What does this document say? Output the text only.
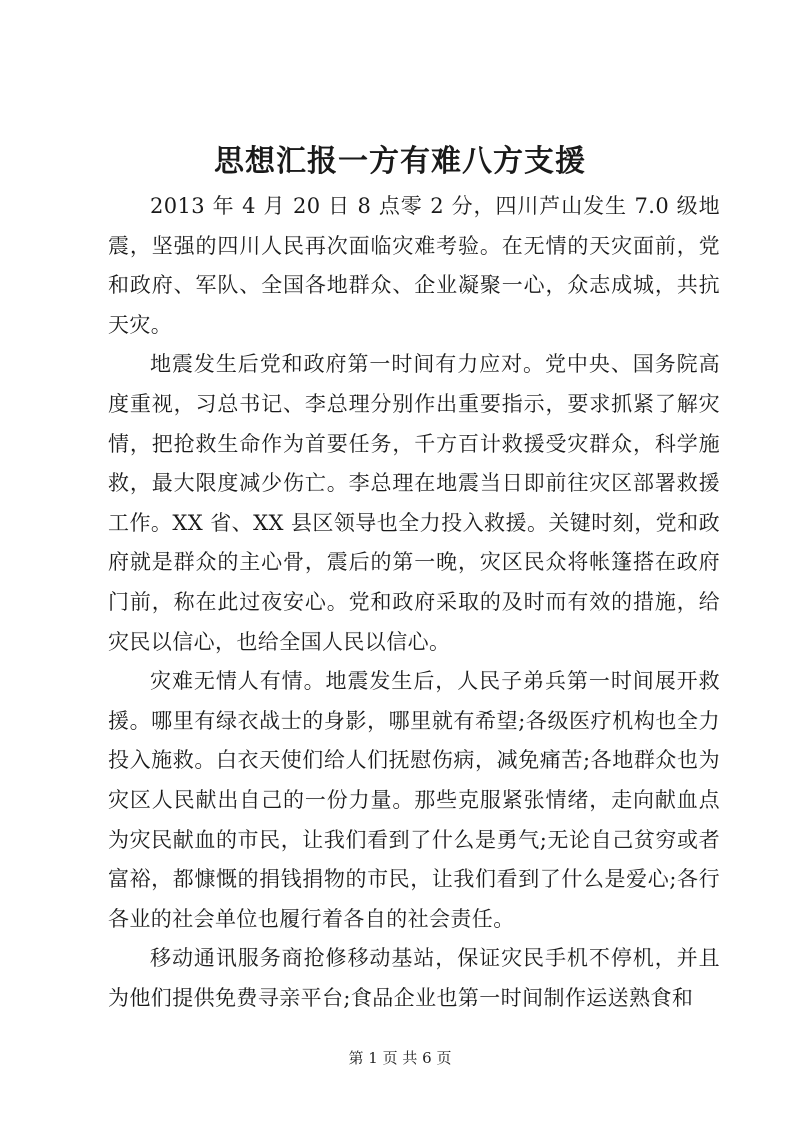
思想汇报一方有难八方支援

2013 年 4 月 20 日 8 点零 2 分，四川芦山发生 7.0 级地震，坚强的四川人民再次面临灾难考验。在无情的天灾面前，党和政府、军队、全国各地群众、企业凝聚一心，众志成城，共抗天灾。

地震发生后党和政府第一时间有力应对。党中央、国务院高度重视，习总书记、李总理分别作出重要指示，要求抓紧了解灾情，把抢救生命作为首要任务，千方百计救援受灾群众，科学施救，最大限度减少伤亡。李总理在地震当日即前往灾区部署救援工作。XX 省、XX 县区领导也全力投入救援。关键时刻，党和政府就是群众的主心骨，震后的第一晚，灾区民众将帐篷搭在政府门前，称在此过夜安心。党和政府采取的及时而有效的措施，给灾民以信心，也给全国人民以信心。

灾难无情人有情。地震发生后，人民子弟兵第一时间展开救援。哪里有绿衣战士的身影，哪里就有希望;各级医疗机构也全力投入施救。白衣天使们给人们抚慰伤病，减免痛苦;各地群众也为灾区人民献出自己的一份力量。那些克服紧张情绪，走向献血点为灾民献血的市民，让我们看到了什么是勇气;无论自己贫穷或者富裕，都慷慨的捐钱捐物的市民，让我们看到了什么是爱心;各行各业的社会单位也履行着各自的社会责任。

移动通讯服务商抢修移动基站，保证灾民手机不停机，并且为他们提供免费寻亲平台;食品企业也第一时间制作运送熟食和

第 1 页 共 6 页
